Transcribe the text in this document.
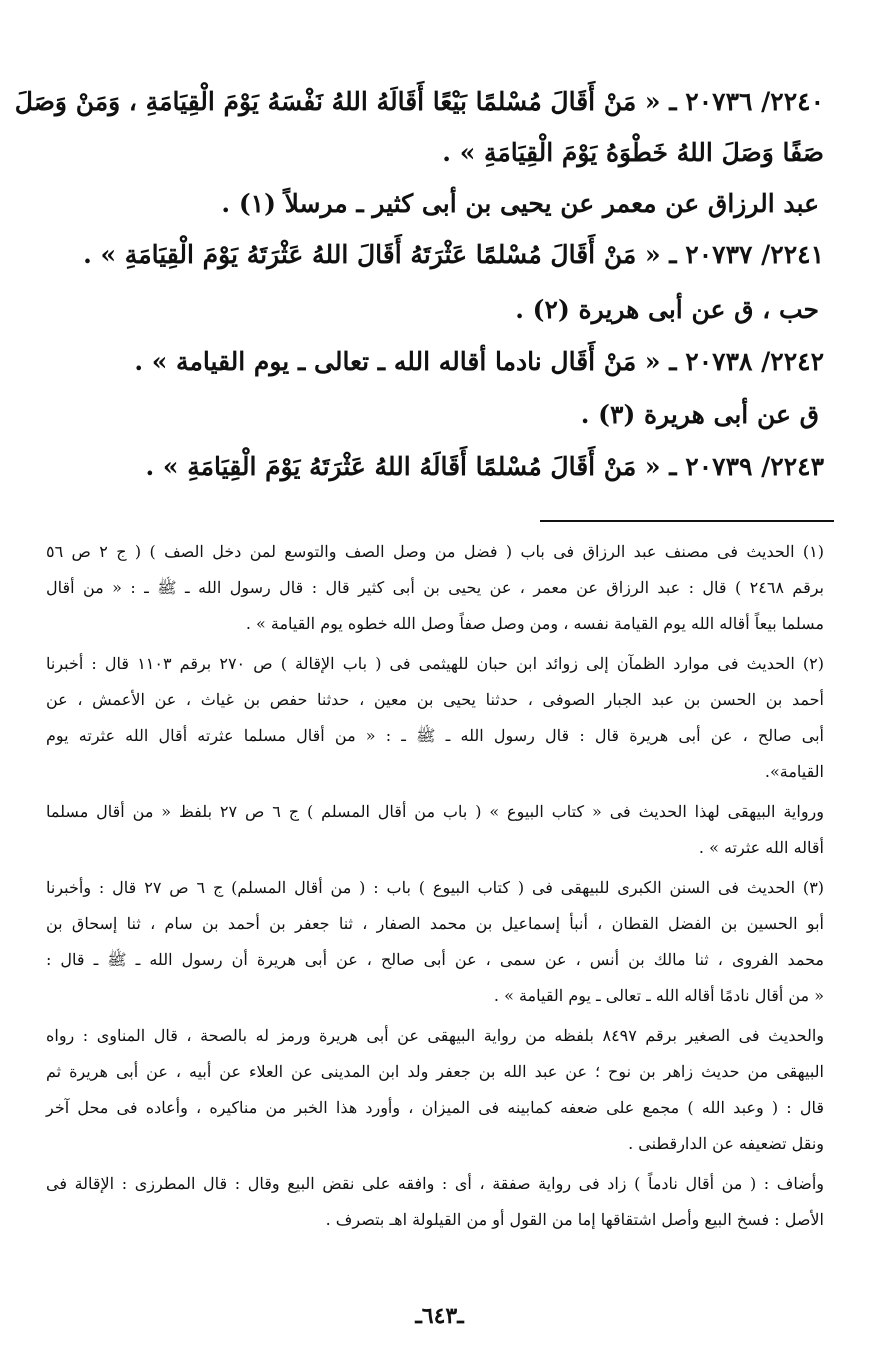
٢٢٤٠/ ٢٠٧٣٦ ـ « مَنْ أَقَالَ مُسْلمًا بَيْعًا أَقَالَهُ اللهُ نَفْسَهُ يَوْمَ الْقِيَامَةِ ، وَمَنْ وَصَلَ
صَفًا وَصَلَ اللهُ خَطْوَهُ يَوْمَ الْقِيَامَةِ » .
عبد الرزاق عن معمر عن يحيى بن أبى كثير ـ مرسلاً (١) .
٢٢٤١/ ٢٠٧٣٧ ـ « مَنْ أَقَالَ مُسْلمًا عَثْرَتَهُ أَقَالَ اللهُ عَثْرَتَهُ يَوْمَ الْقِيَامَةِ » .
حب ، ق عن أبى هريرة (٢) .
٢٢٤٢/ ٢٠٧٣٨ ـ « مَنْ أَقَال نادما أقاله الله ـ تعالى ـ يوم القيامة » .
ق عن أبى هريرة (٣) .
٢٢٤٣/ ٢٠٧٣٩ ـ « مَنْ أَقَالَ مُسْلمًا أَقَالَهُ اللهُ عَثْرَتَهُ يَوْمَ الْقِيَامَةِ » .
(١) الحديث فى مصنف عبد الرزاق فى باب ( فضل من وصل الصف والتوسع لمن دخل الصف ) ( ج ٢ ص ٥٦
برقم ٢٤٦٨ ) قال : عبد الرزاق عن معمر ، عن يحيى بن أبى كثير قال : قال رسول الله ـ ﷺ ـ : « من أقال
مسلما بيعاً أقاله الله يوم القيامة نفسه ، ومن وصل صفاً وصل الله خطوه يوم القيامة » .
(٢) الحديث فى موارد الظمآن إلى زوائد ابن حبان للهيثمى فى ( باب الإقالة ) ص ٢٧٠ برقم ١١٠٣ قال : أخبرنا
أحمد بن الحسن بن عبد الجبار الصوفى ، حدثنا يحيى بن معين ، حدثنا حفص بن غياث ، عن الأعمش ، عن
أبى صالح ، عن أبى هريرة قال : قال رسول الله ـ ﷺ ـ : « من أقال مسلما عثرته أقال الله عثرته يوم
القيامة».
ورواية البيهقى لهذا الحديث فى « كتاب البيوع » ( باب من أقال المسلم ) ج ٦ ص ٢٧ بلفظ « من أقال مسلما
أقاله الله عثرته » .
(٣) الحديث فى السنن الكبرى للبيهقى فى ( كتاب البيوع ) باب : ( من أقال المسلم) ج ٦ ص ٢٧ قال : وأخبرنا
أبو الحسين بن الفضل القطان ، أنبأ إسماعيل بن محمد الصفار ، ثنا جعفر بن أحمد بن سام ، ثنا إسحاق بن
محمد الفروى ، ثنا مالك بن أنس ، عن سمى ، عن أبى صالح ، عن أبى هريرة أن رسول الله ـ ﷺ ـ قال :
« من أقال نادمًا أقاله الله ـ تعالى ـ يوم القيامة » .
والحديث فى الصغير برقم ٨٤٩٧ بلفظه من رواية البيهقى عن أبى هريرة ورمز له بالصحة ، قال المناوى : رواه
البيهقى من حديث زاهر بن نوح ؛ عن عبد الله بن جعفر ولد ابن المدينى عن العلاء عن أبيه ، عن أبى هريرة ثم
قال : ( وعبد الله ) مجمع على ضعفه كمابينه فى الميزان ، وأورد هذا الخبر من مناكيره ، وأعاده فى محل آخر
ونقل تضعيفه عن الدارقطنى .
وأضاف : ( من أقال نادماً ) زاد فى رواية صفقة ، أى : وافقه على نقض البيع وقال : قال المطرزى : الإقالة فى
الأصل : فسخ البيع وأصل اشتقاقها إما من القول أو من القيلولة اهـ بتصرف .
ـ٦٤٣ـ
